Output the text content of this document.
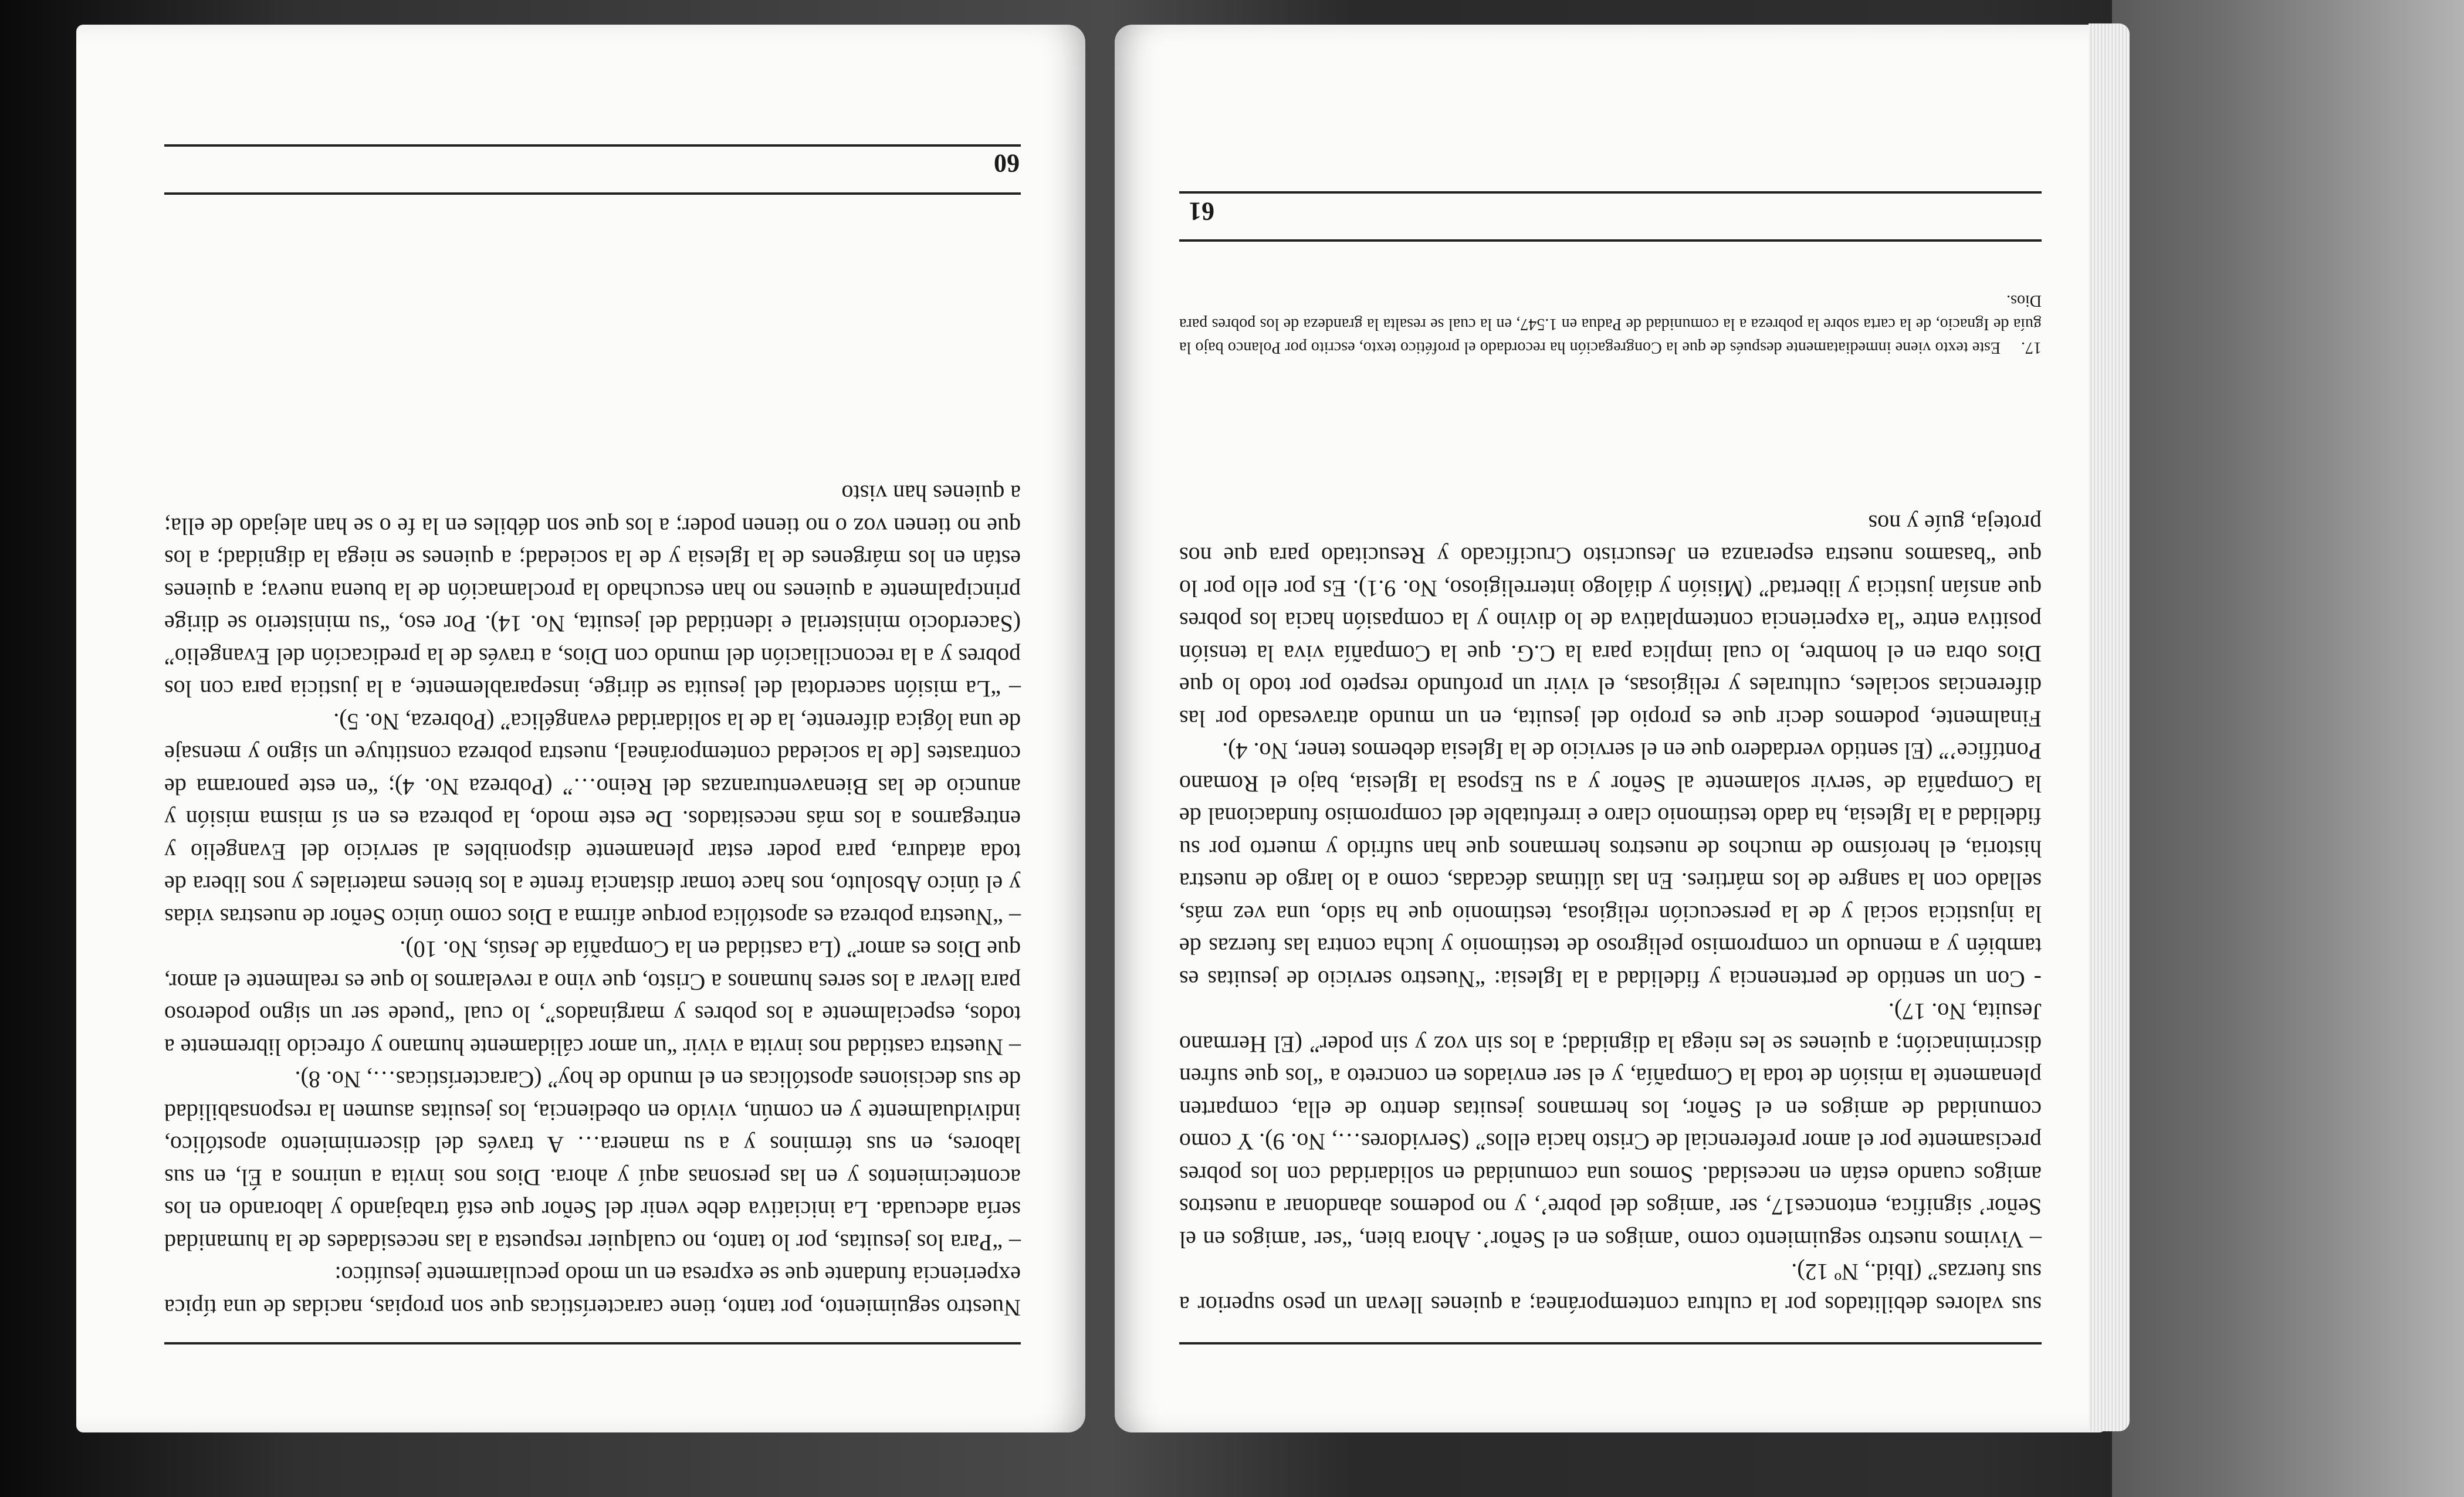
Nuestro seguimiento, por tanto, tiene características que son propias, nacidas de una típica experiencia fundante que se expresa en un modo peculiarmente jesuítico:

– “Para los jesuitas, por lo tanto, no cualquier respuesta a las necesidades de la humanidad sería adecuada. La iniciativa debe venir del Señor que está trabajando y laborando en los acontecimientos y en las personas aquí y ahora. Dios nos invita a unirnos a Él, en sus labores, en sus términos y a su manera… A través del discernimiento apostólico, individualmente y en común, vivido en obediencia, los jesuitas asumen la responsabilidad de sus decisiones apostólicas en el mundo de hoy” (Características…, No. 8).

– Nuestra castidad nos invita a vivir “un amor cálidamente humano y ofrecido libremente a todos, especialmente a los pobres y marginados”, lo cual “puede ser un signo poderoso para llevar a los seres humanos a Cristo, que vino a revelarnos lo que es realmente el amor, que Dios es amor” (La castidad en la Compañía de Jesús, No. 10).

– “Nuestra pobreza es apostólica porque afirma a Dios como único Señor de nuestras vidas y el único Absoluto, nos hace tomar distancia frente a los bienes materiales y nos libera de toda atadura, para poder estar plenamente disponibles al servicio del Evangelio y entregarnos a los más necesitados. De este modo, la pobreza es en sí misma misión y anuncio de las Bienaventuranzas del Reino…” (Pobreza No. 4); “en este panorama de contrastes [de la sociedad contemporánea], nuestra pobreza constituye un signo y mensaje de una lógica diferente, la de la solidaridad evangélica” (Pobreza, No. 5).

– “La misión sacerdotal del jesuita se dirige, inseparablemente, a la justicia para con los pobres y a la reconciliación del mundo con Dios, a través de la predicación del Evangelio” (Sacerdocio ministerial e identidad del jesuita, No. 14). Por eso, “su ministerio se dirige principalmente a quienes no han escuchado la proclamación de la buena nueva; a quienes están en los márgenes de la Iglesia y de la sociedad; a quienes se niega la dignidad; a los que no tienen voz o no tienen poder; a los que son débiles en la fe o se han alejado de ella; a quienes han visto

60

sus valores debilitados por la cultura contemporánea; a quienes llevan un peso superior a sus fuerzas” (Ibid., Nº 12).

– Vivimos nuestro seguimiento como ‘amigos en el Señor’. Ahora bien, “ser ‘amigos en el Señor’ significa, entonces17, ser ‘amigos del pobre’, y no podemos abandonar a nuestros amigos cuando están en necesidad. Somos una comunidad en solidaridad con los pobres precisamente por el amor preferencial de Cristo hacia ellos” (Servidores…, No. 9). Y como comunidad de amigos en el Señor, los hermanos jesuitas dentro de ella, comparten plenamente la misión de toda la Compañía, y el ser enviados en concreto a “los que sufren discriminación; a quienes se les niega la dignidad; a los sin voz y sin poder” (El Hermano Jesuita, No. 17).

- Con un sentido de pertenencia y fidelidad a la Iglesia: “Nuestro servicio de jesuitas es también y a menudo un compromiso peligroso de testimonio y lucha contra las fuerzas de la injusticia social y de la persecución religiosa, testimonio que ha sido, una vez más, sellado con la sangre de los mártires. En las últimas décadas, como a lo largo de nuestra historia, el heroísmo de muchos de nuestros hermanos que han sufrido y muerto por su fidelidad a la Iglesia, ha dado testimonio claro e irrefutable del compromiso fundacional de la Compañía de ‘servir solamente al Señor y a su Esposa la Iglesia, bajo el Romano Pontífice’” (El sentido verdadero que en el servicio de la Iglesia debemos tener, No. 4).

Finalmente, podemos decir que es propio del jesuita, en un mundo atravesado por las diferencias sociales, culturales y religiosas, el vivir un profundo respeto por todo lo que Dios obra en el hombre, lo cual implica para la C.G. que la Compañía viva la tensión positiva entre “la experiencia contemplativa de lo divino y la compasión hacia los pobres que ansían justicia y libertad” (Misión y diálogo interreligioso, No. 9.1). Es por ello por lo que “basamos nuestra esperanza en Jesucristo Crucificado y Resucitado para que nos proteja, guíe y nos

17.Este texto viene inmediatamente después de que la Congregación ha recordado el profético texto, escrito por Polanco bajo la guía de Ignacio, de la carta sobre la pobreza a la comunidad de Padua en 1.547, en la cual se resalta la grandeza de los pobres para Dios.
61
